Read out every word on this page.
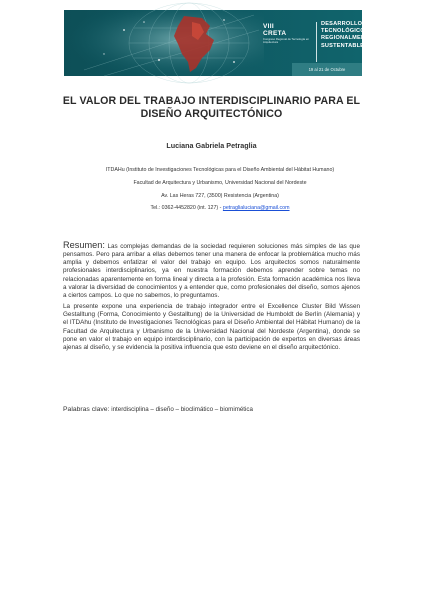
VIII
CRETA
Congreso Regional de Tecnología en Arquitectura
DESARROLLO
TECNOLÓGICO
REGIONALMENTE
SUSTENTABLE
19 al 21 de Octubre
EL VALOR DEL TRABAJO INTERDISCIPLINARIO PARA EL
DISEÑO ARQUITECTÓNICO
Luciana Gabriela Petraglia
ITDAHu (Instituto de Investigaciones Tecnológicas para el Diseño Ambiental del Hábitat Humano)
Facultad de Arquitectura y Urbanismo, Universidad Nacional del Nordeste
Av. Las Heras 727, (3500) Resistencia (Argentina)
Tel.: 0362-4452820 (int. 127) - petraglialuciana@gmail.com

Resumen: Las complejas demandas de la sociedad requieren soluciones más simples de las que pensamos. Pero para arribar a ellas debemos tener una manera de enfocar la problemática mucho más amplia y debemos enfatizar el valor del trabajo en equipo. Los arquitectos somos naturalmente profesionales interdisciplinarios, ya en nuestra formación debemos aprender sobre temas no relacionadas aparentemente en forma lineal y directa a la profesión. Esta formación académica nos lleva a valorar la diversidad de conocimientos y a entender que, como profesionales del diseño, somos ajenos a ciertos campos. Lo que no sabemos, lo preguntamos.

La presente expone una experiencia de trabajo integrador entre el Excellence Cluster Bild Wissen Gestalltung (Forma, Conocimiento y Gestalltung) de la Universidad de Humboldt de Berlín (Alemania) y el ITDAhu (Instituto de Investigaciones Tecnológicas para el Diseño Ambiental del Hábitat Humano) de la Facultad de Arquitectura y Urbanismo de la Universidad Nacional del Nordeste (Argentina), donde se pone en valor el trabajo en equipo interdisciplinario, con la participación de expertos en diversas áreas ajenas al diseño, y se evidencia la positiva influencia que esto deviene en el diseño arquitectónico.

Palabras clave: interdisciplina – diseño – bioclimático – biomimética
